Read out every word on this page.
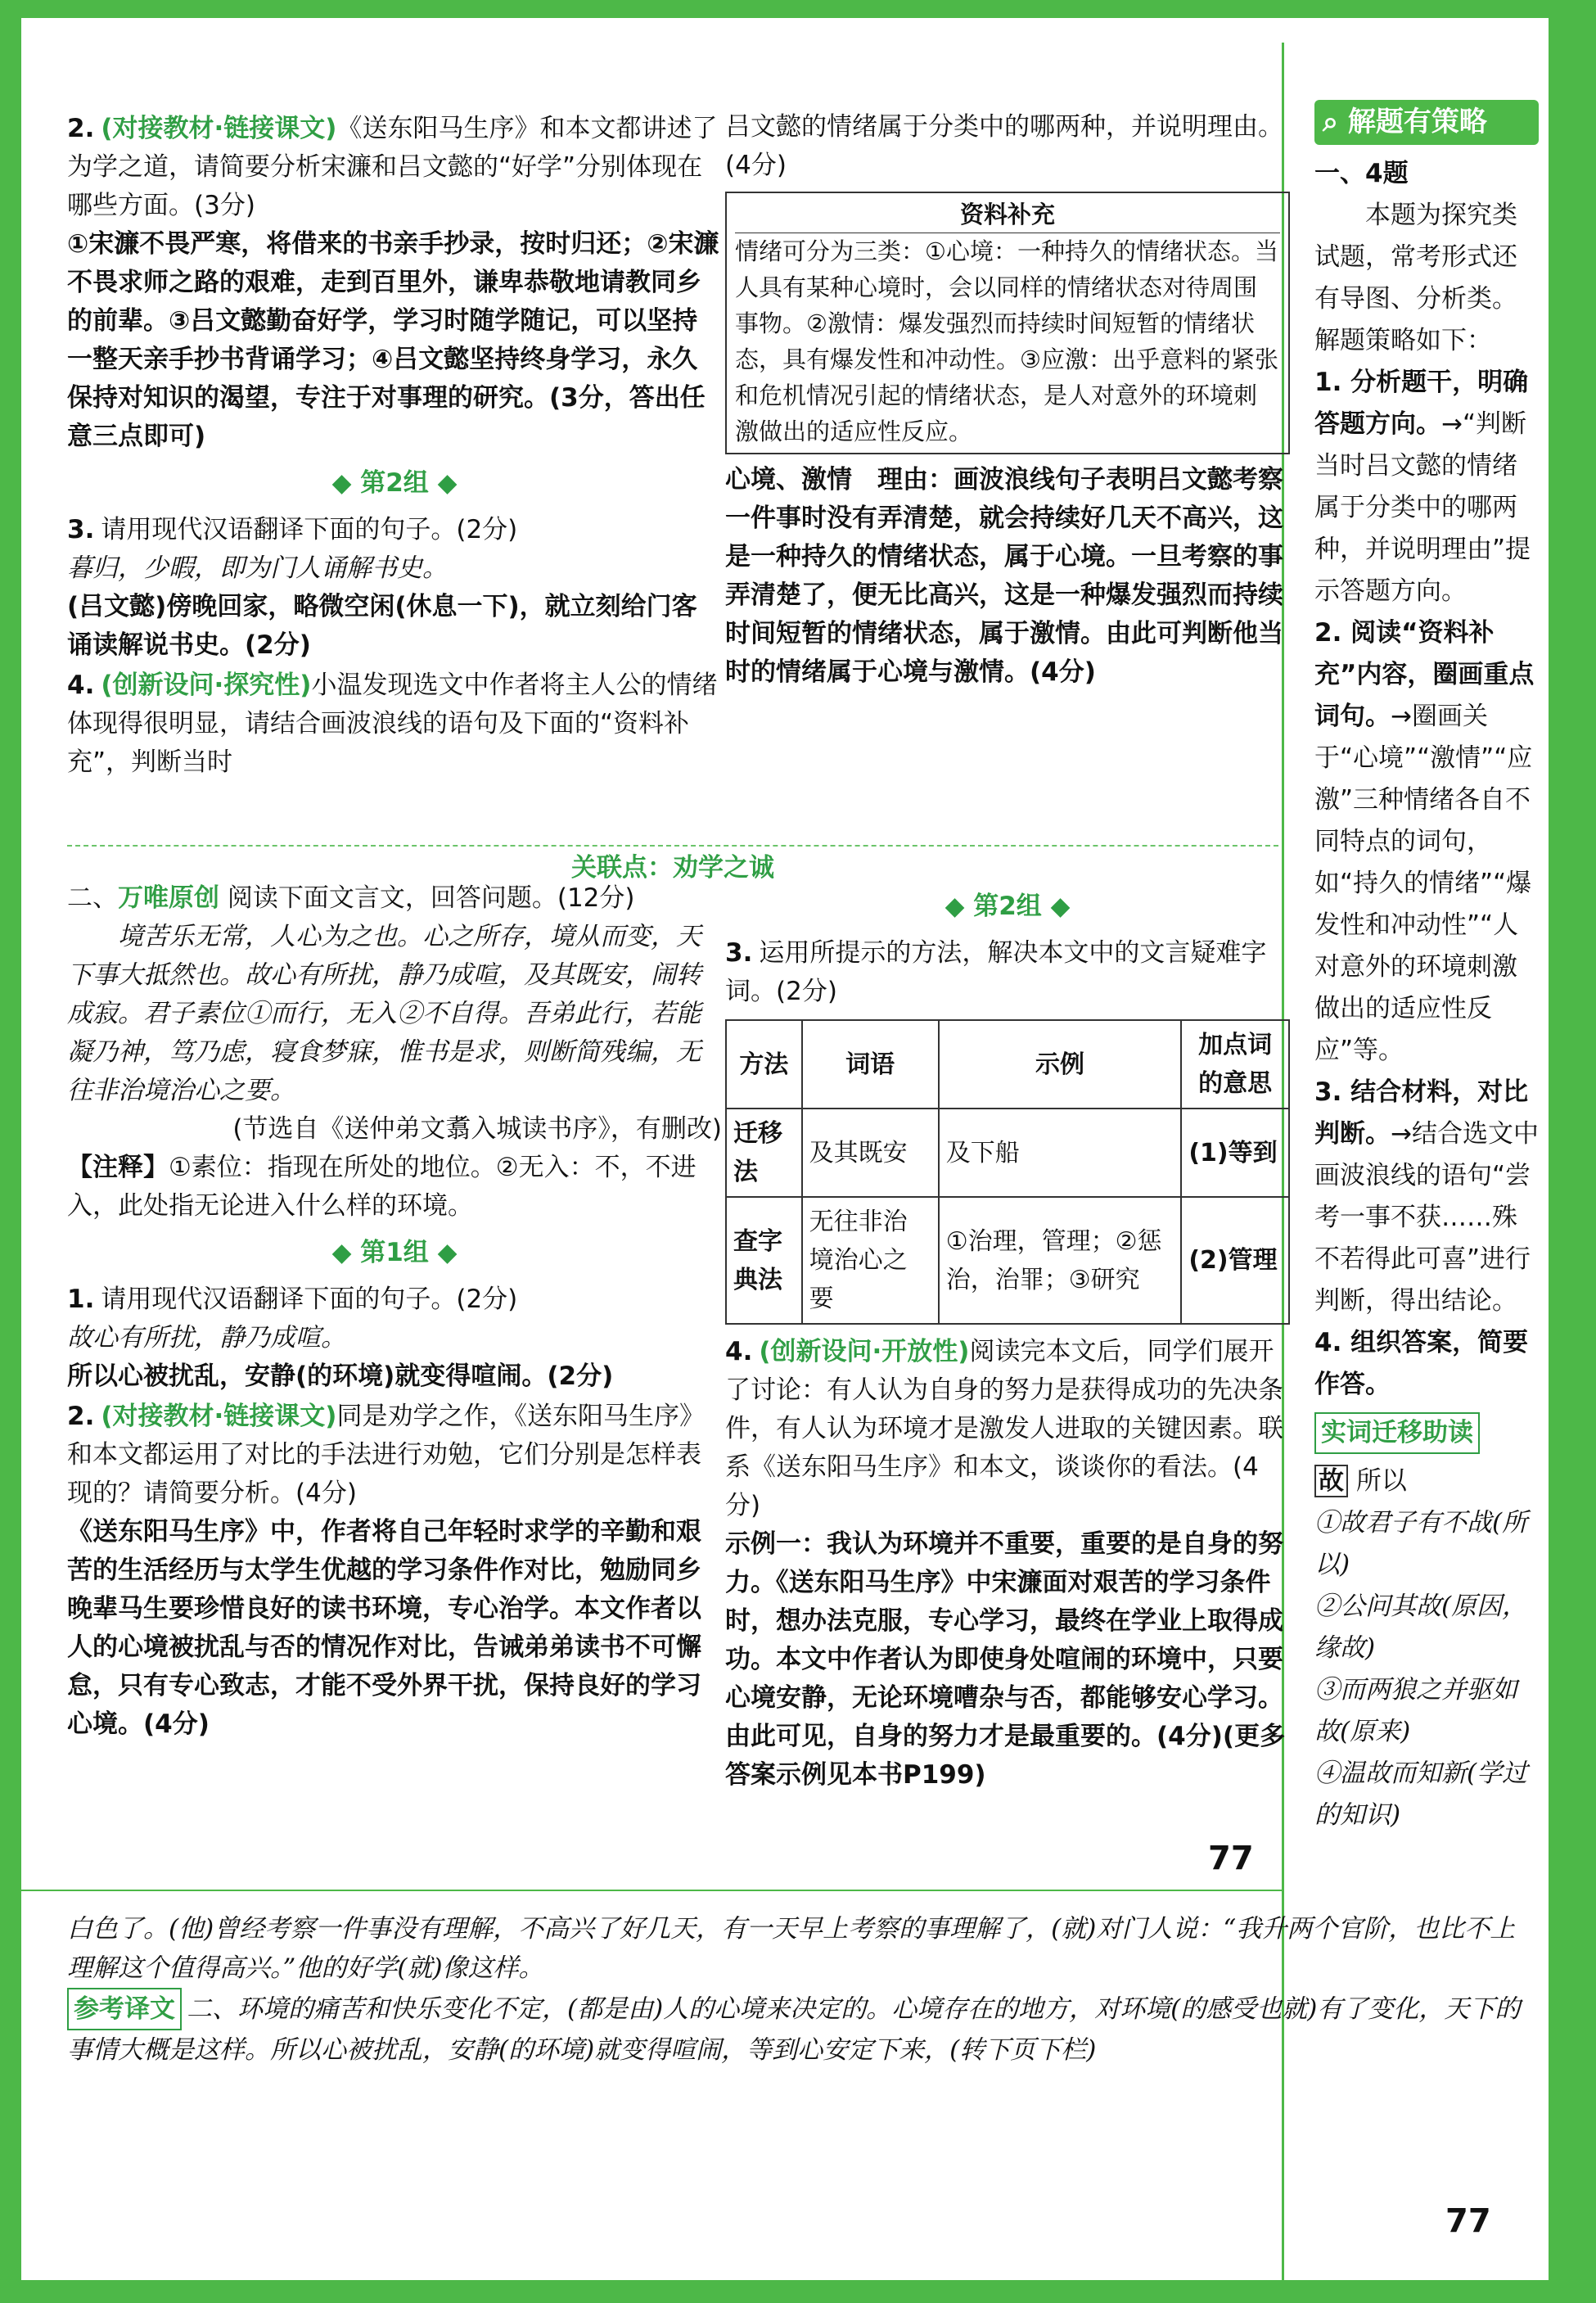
2. (对接教材·链接课文)《送东阳马生序》和本文都讲述了为学之道，请简要分析宋濂和吕文懿的“好学”分别体现在哪些方面。(3分)

①宋濂不畏严寒，将借来的书亲手抄录，按时归还；②宋濂不畏求师之路的艰难，走到百里外，谦卑恭敬地请教同乡的前辈。③吕文懿勤奋好学，学习时随学随记，可以坚持一整天亲手抄书背诵学习；④吕文懿坚持终身学习，永久保持对知识的渴望，专注于对事理的研究。(3分，答出任意三点即可)

◆ 第2组 ◆

3. 请用现代汉语翻译下面的句子。(2分)

暮归，少暇，即为门人诵解书史。

(吕文懿)傍晚回家，略微空闲(休息一下)，就立刻给门客诵读解说书史。(2分)

4. (创新设问·探究性)小温发现选文中作者将主人公的情绪体现得很明显，请结合画波浪线的语句及下面的“资料补充”，判断当时

吕文懿的情绪属于分类中的哪两种，并说明理由。(4分)

资料补充

情绪可分为三类：①心境：一种持久的情绪状态。当人具有某种心境时，会以同样的情绪状态对待周围事物。②激情：爆发强烈而持续时间短暂的情绪状态，具有爆发性和冲动性。③应激：出乎意料的紧张和危机情况引起的情绪状态，是人对意外的环境刺激做出的适应性反应。

心境、激情　理由：画波浪线句子表明吕文懿考察一件事时没有弄清楚，就会持续好几天不高兴，这是一种持久的情绪状态，属于心境。一旦考察的事弄清楚了，便无比高兴，这是一种爆发强烈而持续时间短暂的情绪状态，属于激情。由此可判断他当时的情绪属于心境与激情。(4分)

关联点：劝学之诚

二、万唯原创 阅读下面文言文，回答问题。(12分)

境苦乐无常，人心为之也。心之所存，境从而变，天下事大抵然也。故心有所扰，静乃成喧，及其既安，闹转成寂。君子素位①而行，无入②不自得。吾弟此行，若能凝乃神，笃乃虑，寝食梦寐，惟书是求，则断简残编，无往非治境治心之要。

(节选自《送仲弟文翥入城读书序》，有删改)

【注释】①素位：指现在所处的地位。②无入：不，不进入，此处指无论进入什么样的环境。

◆ 第1组 ◆

1. 请用现代汉语翻译下面的句子。(2分)

故心有所扰，静乃成喧。

所以心被扰乱，安静(的环境)就变得喧闹。(2分)

2. (对接教材·链接课文)同是劝学之作，《送东阳马生序》和本文都运用了对比的手法进行劝勉，它们分别是怎样表现的？请简要分析。(4分)

《送东阳马生序》中，作者将自己年轻时求学的辛勤和艰苦的生活经历与太学生优越的学习条件作对比，勉励同乡晚辈马生要珍惜良好的读书环境，专心治学。本文作者以人的心境被扰乱与否的情况作对比，告诫弟弟读书不可懈怠，只有专心致志，才能不受外界干扰，保持良好的学习心境。(4分)

◆ 第2组 ◆

3. 运用所提示的方法，解决本文中的文言疑难字词。(2分)

方法	词语	示例	加点词的意思
迁移法	及其既安	及下船	(1)等到
查字典法	无往非治境治心之要	①治理，管理；②惩治，治罪；③研究	(2)管理

4. (创新设问·开放性)阅读完本文后，同学们展开了讨论：有人认为自身的努力是获得成功的先决条件，有人认为环境才是激发人进取的关键因素。联系《送东阳马生序》和本文，谈谈你的看法。(4分)

示例一：我认为环境并不重要，重要的是自身的努力。《送东阳马生序》中宋濂面对艰苦的学习条件时，想办法克服，专心学习，最终在学业上取得成功。本文中作者认为即使身处喧闹的环境中，只要心境安静，无论环境嘈杂与否，都能够安心学习。由此可见，自身的努力才是最重要的。(4分)(更多答案示例见本书P199)

77
⌕ 解题有策略

一、4题

本题为探究类试题，常考形式还有导图、分析类。解题策略如下：

1. 分析题干，明确答题方向。→“判断当时吕文懿的情绪属于分类中的哪两种，并说明理由”提示答题方向。

2. 阅读“资料补充”内容，圈画重点词句。→圈画关于“心境”“激情”“应激”三种情绪各自不同特点的词句，如“持久的情绪”“爆发性和冲动性”“人对意外的环境刺激做出的适应性反应”等。

3. 结合材料，对比判断。→结合选文中画波浪线的语句“尝考一事不获……殊不若得此可喜”进行判断，得出结论。

4. 组织答案，简要作答。

实词迁移助读

故 所以

①故君子有不战(所以)

②公问其故(原因，缘故)

③而两狼之并驱如故(原来)

④温故而知新(学过的知识)

白色了。(他)曾经考察一件事没有理解，不高兴了好几天，有一天早上考察的事理解了，(就)对门人说：“我升两个官阶，也比不上理解这个值得高兴。”他的好学(就)像这样。

参考译文 二、环境的痛苦和快乐变化不定，(都是由)人的心境来决定的。心境存在的地方，对环境(的感受也就)有了变化，天下的事情大概是这样。所以心被扰乱，安静(的环境)就变得喧闹，等到心安定下来，(转下页下栏)

77
